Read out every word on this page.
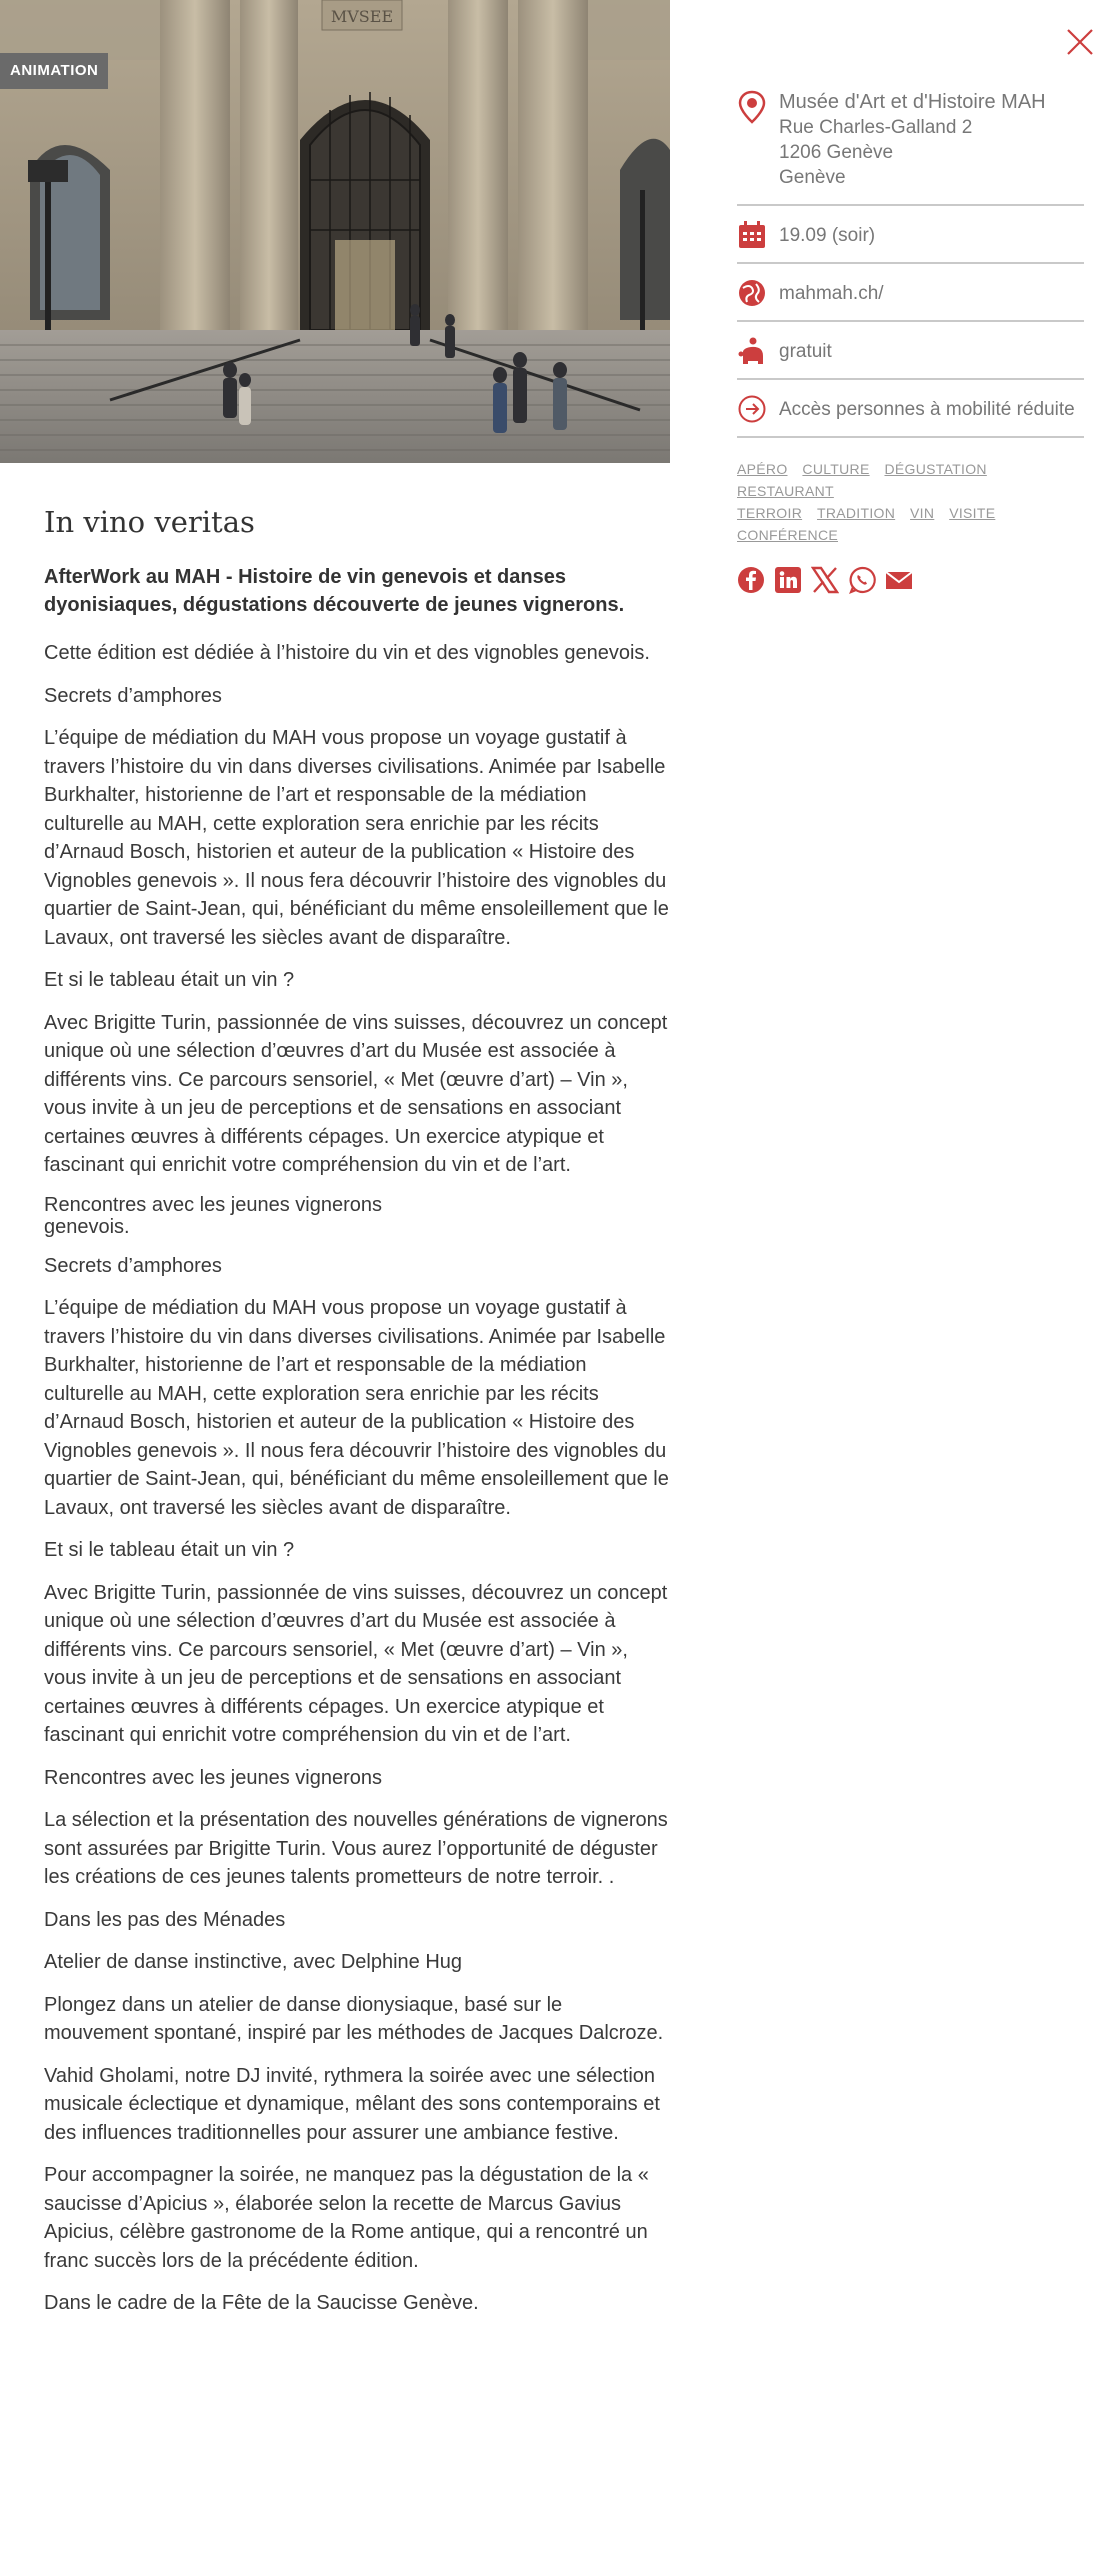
MVSEE
ANIMATION
Musée d'Art et d'Histoire MAH
Rue Charles-Galland 2
1206 Genève
Genève
19.09 (soir)
mahmah.ch/
gratuit
Accès personnes à mobilité réduite
APÉRO CULTURE DÉGUSTATION RESTAURANT
TERROIR TRADITION VIN VISITE CONFÉRENCE
In vino veritas

AfterWork au MAH - Histoire de vin genevois et danses dyonisiaques, dégustations découverte de jeunes vignerons.

Cette édition est dédiée à l’histoire du vin et des vignobles genevois.

Secrets d’amphores

L’équipe de médiation du MAH vous propose un voyage gustatif à travers l’histoire du vin dans diverses civilisations. Animée par Isabelle Burkhalter, historienne de l’art et responsable de la médiation culturelle au MAH, cette exploration sera enrichie par les récits d’Arnaud Bosch, historien et auteur de la publication « Histoire des Vignobles genevois ». Il nous fera découvrir l’histoire des vignobles du quartier de Saint-Jean, qui, bénéficiant du même ensoleillement que le Lavaux, ont traversé les siècles avant de disparaître.

Et si le tableau était un vin ?

Avec Brigitte Turin, passionnée de vins suisses, découvrez un concept unique où une sélection d’œuvres d’art du Musée est associée à différents vins. Ce parcours sensoriel, « Met (œuvre d’art) – Vin », vous invite à un jeu de perceptions et de sensations en associant certaines œuvres à différents cépages. Un exercice atypique et fascinant qui enrichit votre compréhension du vin et de l’art.

Rencontres avec les jeunes vignerons
genevois.

Secrets d’amphores

L’équipe de médiation du MAH vous propose un voyage gustatif à travers l’histoire du vin dans diverses civilisations. Animée par Isabelle Burkhalter, historienne de l’art et responsable de la médiation culturelle au MAH, cette exploration sera enrichie par les récits d’Arnaud Bosch, historien et auteur de la publication « Histoire des Vignobles genevois ». Il nous fera découvrir l’histoire des vignobles du quartier de Saint-Jean, qui, bénéficiant du même ensoleillement que le Lavaux, ont traversé les siècles avant de disparaître.

Et si le tableau était un vin ?

Avec Brigitte Turin, passionnée de vins suisses, découvrez un concept unique où une sélection d’œuvres d’art du Musée est associée à différents vins. Ce parcours sensoriel, « Met (œuvre d’art) – Vin », vous invite à un jeu de perceptions et de sensations en associant certaines œuvres à différents cépages. Un exercice atypique et fascinant qui enrichit votre compréhension du vin et de l’art.

Rencontres avec les jeunes vignerons

La sélection et la présentation des nouvelles générations de vignerons sont assurées par Brigitte Turin. Vous aurez l’opportunité de déguster les créations de ces jeunes talents prometteurs de notre terroir. .

Dans les pas des Ménades

Atelier de danse instinctive, avec Delphine Hug

Plongez dans un atelier de danse dionysiaque, basé sur le mouvement spontané, inspiré par les méthodes de Jacques Dalcroze.

Vahid Gholami, notre DJ invité, rythmera la soirée avec une sélection musicale éclectique et dynamique, mêlant des sons contemporains et des influences traditionnelles pour assurer une ambiance festive.

Pour accompagner la soirée, ne manquez pas la dégustation de la « saucisse d’Apicius », élaborée selon la recette de Marcus Gavius Apicius, célèbre gastronome de la Rome antique, qui a rencontré un franc succès lors de la précédente édition.

Dans le cadre de la Fête de la Saucisse Genève.
